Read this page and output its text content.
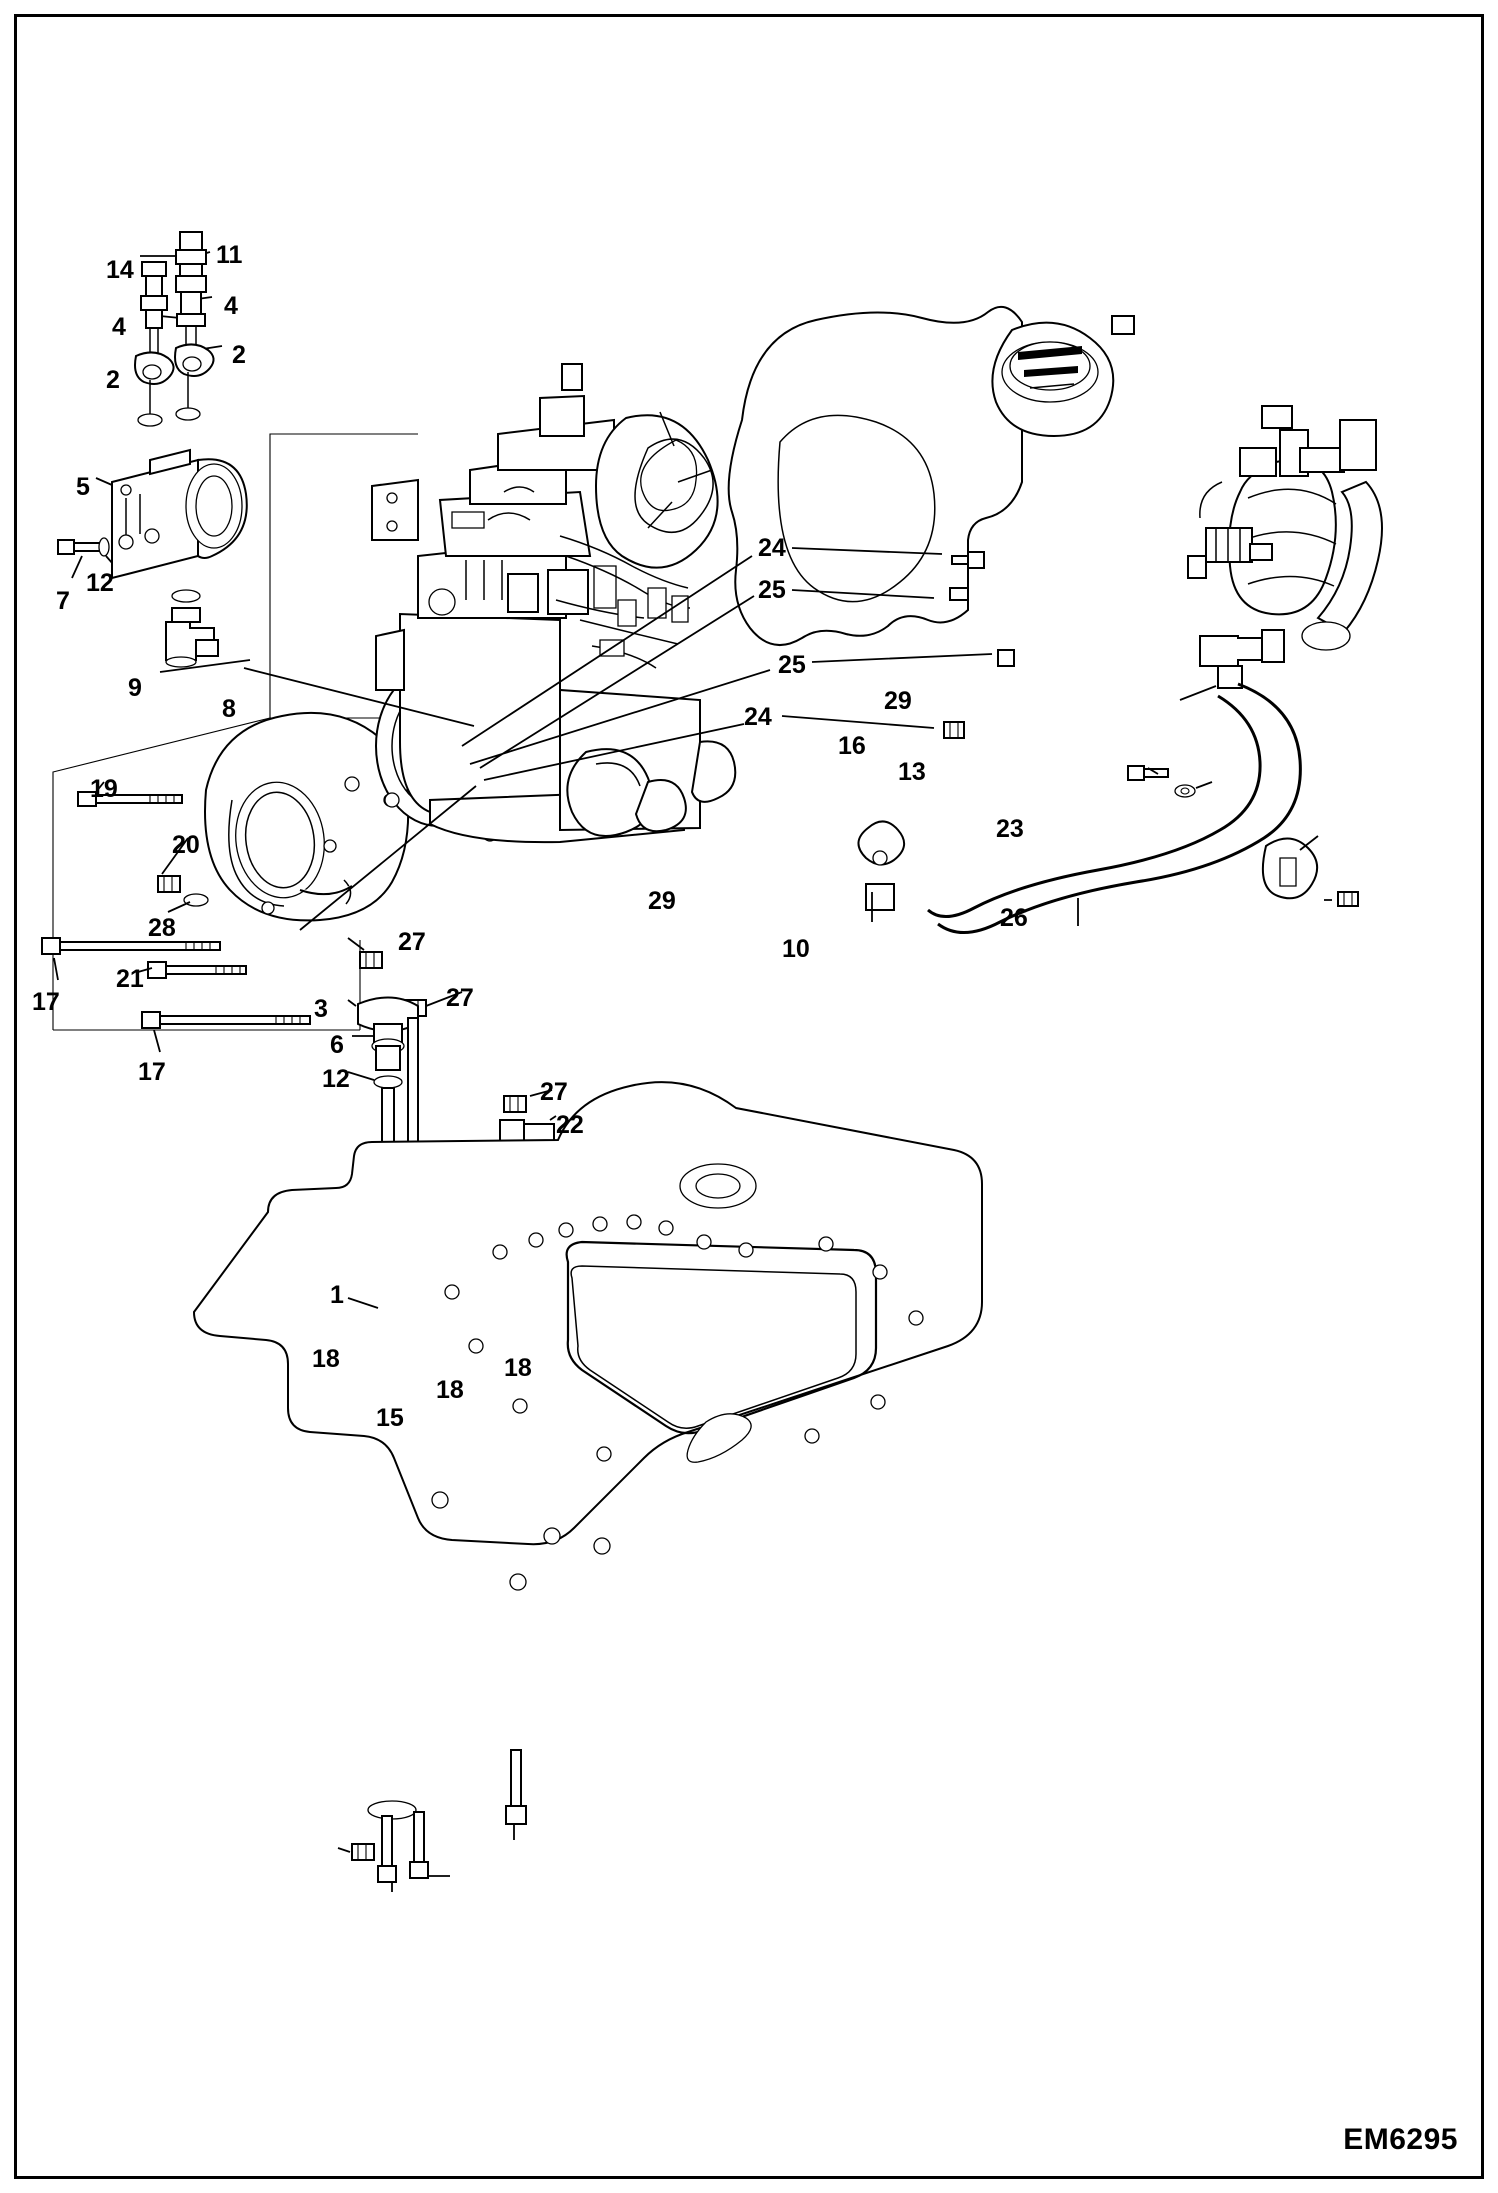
11
14
4
4
2
2
5
12
7
9
8
19
20
28
17
21
17
27
27
3
6
12	27
22
1
18
18
15
18
24
25
25
24
29
29
16
13
23
26
10
EM6295
